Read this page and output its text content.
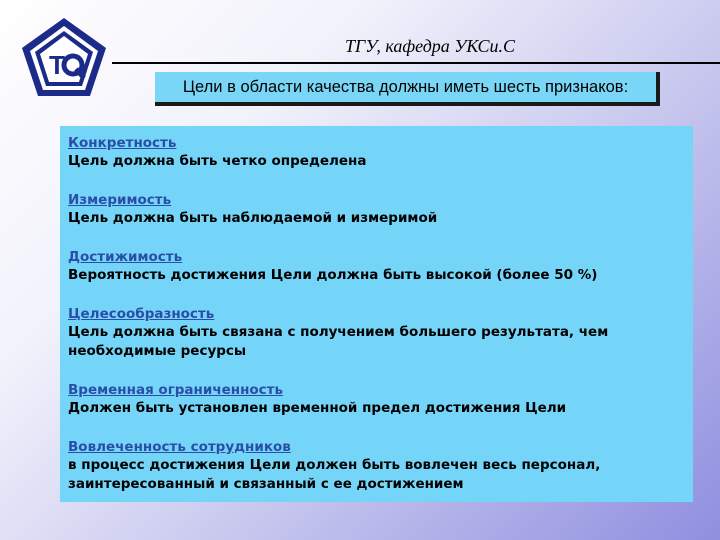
Т
ТГУ, кафедра УКСи.С
Цели в области качества должны иметь шесть признаков:
Конкретность
Цель должна быть четко определена
Измеримость
Цель должна быть наблюдаемой и измеримой
Достижимость
Вероятность достижения Цели должна быть высокой (более 50 %)
Целесообразность
Цель должна быть связана с получением большего результата, чем необходимые ресурсы
Временная ограниченность
Должен быть установлен временной предел достижения Цели
Вовлеченность сотрудников
в процесс достижения Цели должен быть вовлечен весь персонал, заинтересованный и связанный с ее достижением
